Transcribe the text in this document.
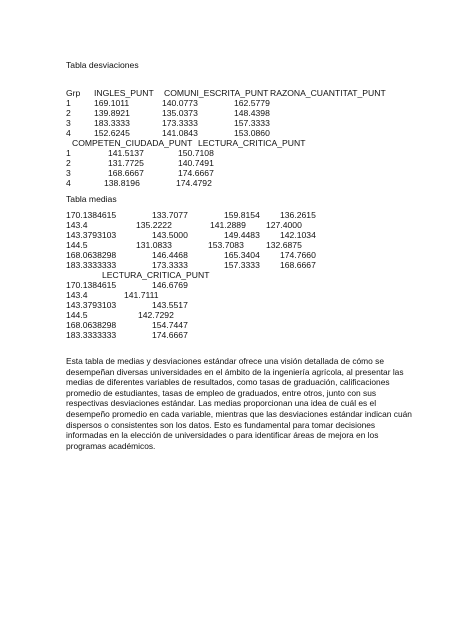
Tabla desviaciones
Grp INGLES_PUNT COMUNI_ESCRITA_PUNT RAZONA_CUANTITAT_PUNT
1	169.1011	140.0773	162.5779
2	139.8921	135.0373	148.4398
3	183.3333	173.3333	157.3333
4	152.6245	141.0843	153.0860
COMPETEN_CIUDADA_PUNT LECTURA_CRITICA_PUNT
1	141.5137	150.7108
2	131.7725	140.7491
3	168.6667	174.6667
4	138.8196	174.4792
Tabla medias
170.1384615	133.7077	159.8154 136.2615
143.4	135.2222	141.2889 127.4000
143.3793103	143.5000	149.4483 142.1034
144.5	131.0833	153.7083	132.6875
168.0638298	146.4468	165.3404 174.7660
183.3333333	173.3333	157.3333 168.6667
LECTURA_CRITICA_PUNT
170.1384615	146.6769
143.4	141.7111
143.3793103	143.5517
144.5	142.7292
168.0638298	154.7447
183.3333333	174.6667
Esta tabla de medias y desviaciones estándar ofrece una visión detallada de cómo se desempeñan diversas universidades en el ámbito de la ingeniería agrícola, al presentar las medias de diferentes variables de resultados, como tasas de graduación, calificaciones promedio de estudiantes, tasas de empleo de graduados, entre otros, junto con sus respectivas desviaciones estándar. Las medias proporcionan una idea de cuál es el desempeño promedio en cada variable, mientras que las desviaciones estándar indican cuán dispersos o consistentes son los datos. Esto es fundamental para tomar decisiones informadas en la elección de universidades o para identificar áreas de mejora en los programas académicos.
